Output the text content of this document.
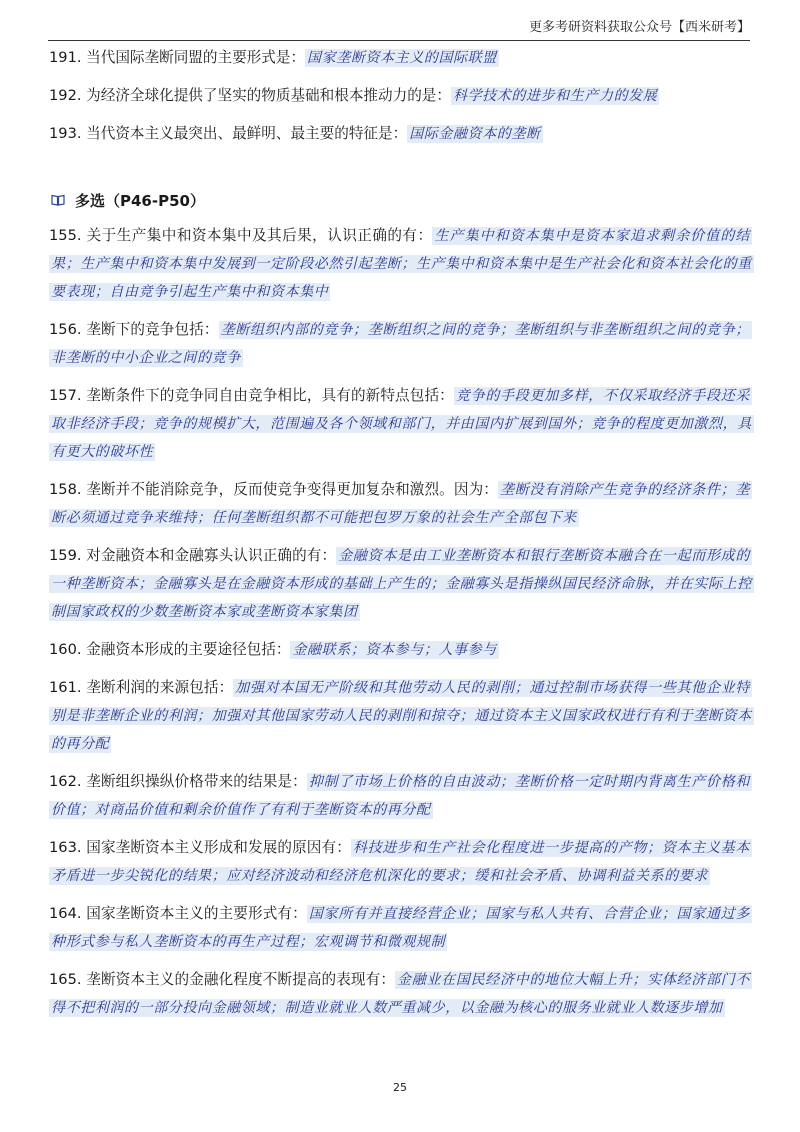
更多考研资料获取公众号【西米研考】

191. 当代国际垄断同盟的主要形式是： 国家垄断资本主义的国际联盟

192. 为经济全球化提供了坚实的物质基础和根本推动力的是： 科学技术的进步和生产力的发展

193. 当代资本主义最突出、最鲜明、最主要的特征是： 国际金融资本的垄断

多选（P46-P50）

155. 关于生产集中和资本集中及其后果，认识正确的有： 生产集中和资本集中是资本家追求剩余价值的结果；生产集中和资本集中发展到一定阶段必然引起垄断；生产集中和资本集中是生产社会化和资本社会化的重要表现；自由竞争引起生产集中和资本集中

156. 垄断下的竞争包括： 垄断组织内部的竞争；垄断组织之间的竞争；垄断组织与非垄断组织之间的竞争；非垄断的中小企业之间的竞争

157. 垄断条件下的竞争同自由竞争相比，具有的新特点包括： 竞争的手段更加多样，不仅采取经济手段还采取非经济手段；竞争的规模扩大，范围遍及各个领域和部门，并由国内扩展到国外；竞争的程度更加激烈，具有更大的破坏性

158. 垄断并不能消除竞争，反而使竞争变得更加复杂和激烈。因为： 垄断没有消除产生竞争的经济条件；垄断必须通过竞争来维持；任何垄断组织都不可能把包罗万象的社会生产全部包下来

159. 对金融资本和金融寡头认识正确的有： 金融资本是由工业垄断资本和银行垄断资本融合在一起而形成的一种垄断资本；金融寡头是在金融资本形成的基础上产生的；金融寡头是指操纵国民经济命脉，并在实际上控制国家政权的少数垄断资本家或垄断资本家集团

160. 金融资本形成的主要途径包括： 金融联系；资本参与；人事参与

161. 垄断利润的来源包括： 加强对本国无产阶级和其他劳动人民的剥削；通过控制市场获得一些其他企业特别是非垄断企业的利润；加强对其他国家劳动人民的剥削和掠夺；通过资本主义国家政权进行有利于垄断资本的再分配

162. 垄断组织操纵价格带来的结果是： 抑制了市场上价格的自由波动；垄断价格一定时期内背离生产价格和价值；对商品价值和剩余价值作了有利于垄断资本的再分配

163. 国家垄断资本主义形成和发展的原因有： 科技进步和生产社会化程度进一步提高的产物；资本主义基本矛盾进一步尖锐化的结果；应对经济波动和经济危机深化的要求；缓和社会矛盾、协调利益关系的要求

164. 国家垄断资本主义的主要形式有： 国家所有并直接经营企业；国家与私人共有、合营企业；国家通过多种形式参与私人垄断资本的再生产过程；宏观调节和微观规制

165. 垄断资本主义的金融化程度不断提高的表现有： 金融业在国民经济中的地位大幅上升；实体经济部门不得不把利润的一部分投向金融领域；制造业就业人数严重减少，以金融为核心的服务业就业人数逐步增加

25
